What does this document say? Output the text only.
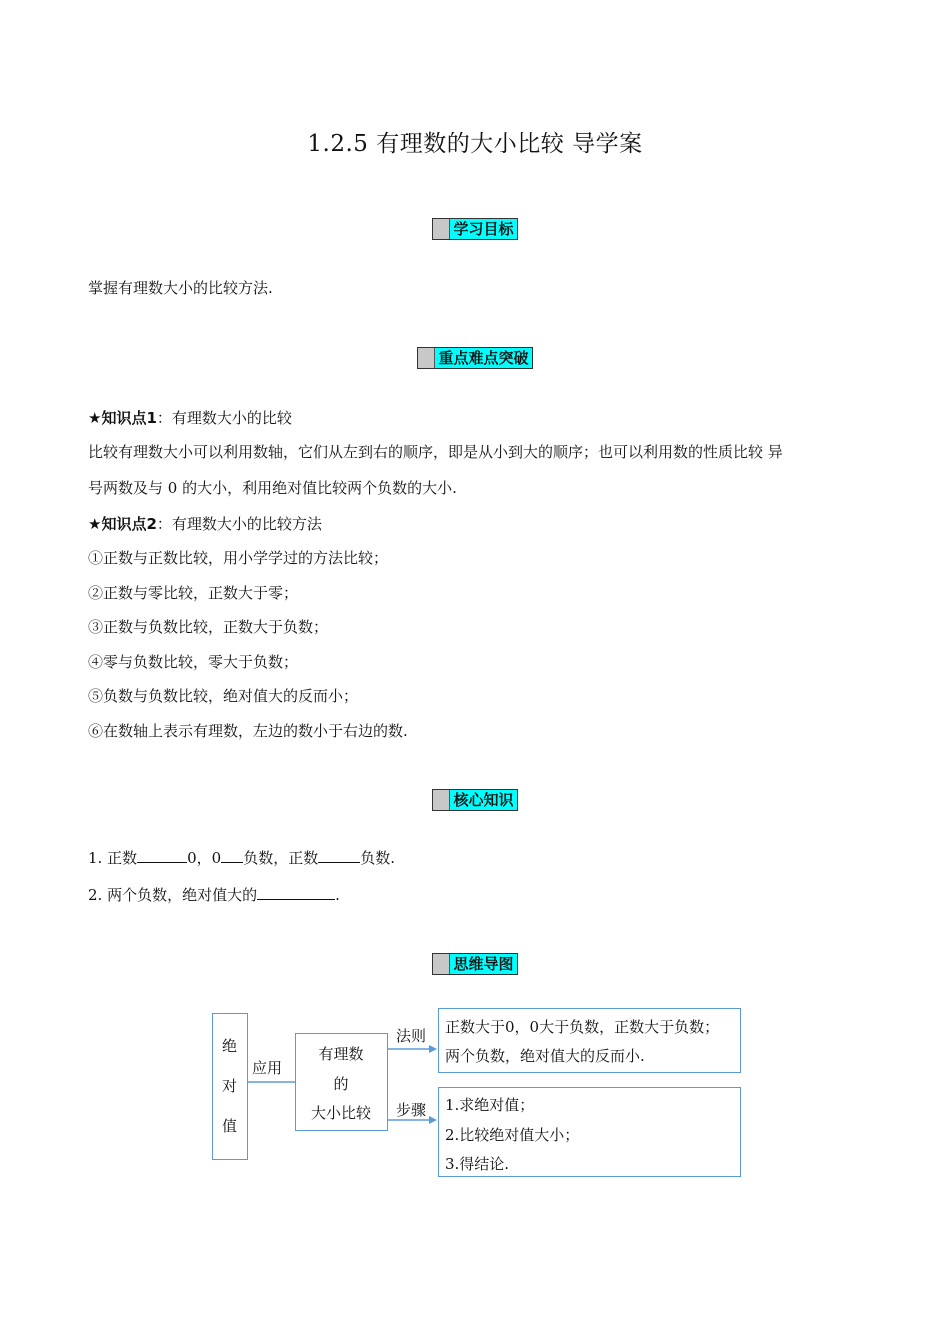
1.2.5 有理数的大小比较 导学案
学习目标
掌握有理数大小的比较方法.
重点难点突破
★知识点1：有理数大小的比较
比较有理数大小可以利用数轴，它们从左到右的顺序，即是从小到大的顺序；也可以利用数的性质比较 异
号两数及与 0 的大小，利用绝对值比较两个负数的大小.
★知识点2：有理数大小的比较方法
①正数与正数比较，用小学学过的方法比较；
②正数与零比较，正数大于零；
③正数与负数比较，正数大于负数；
④零与负数比较，零大于负数；
⑤负数与负数比较，绝对值大的反而小；
⑥在数轴上表示有理数，左边的数小于右边的数.
核心知识
1. 正数	0，0 负数，正数	负数.
2. 两个负数，绝对值大的	.
思维导图
绝
对
值
应用
有理数
的
大小比较
法则
步骤
正数大于0，0大于负数，正数大于负数；
两个负数，绝对值大的反而小.
1.求绝对值；
2.比较绝对值大小；
3.得结论.
